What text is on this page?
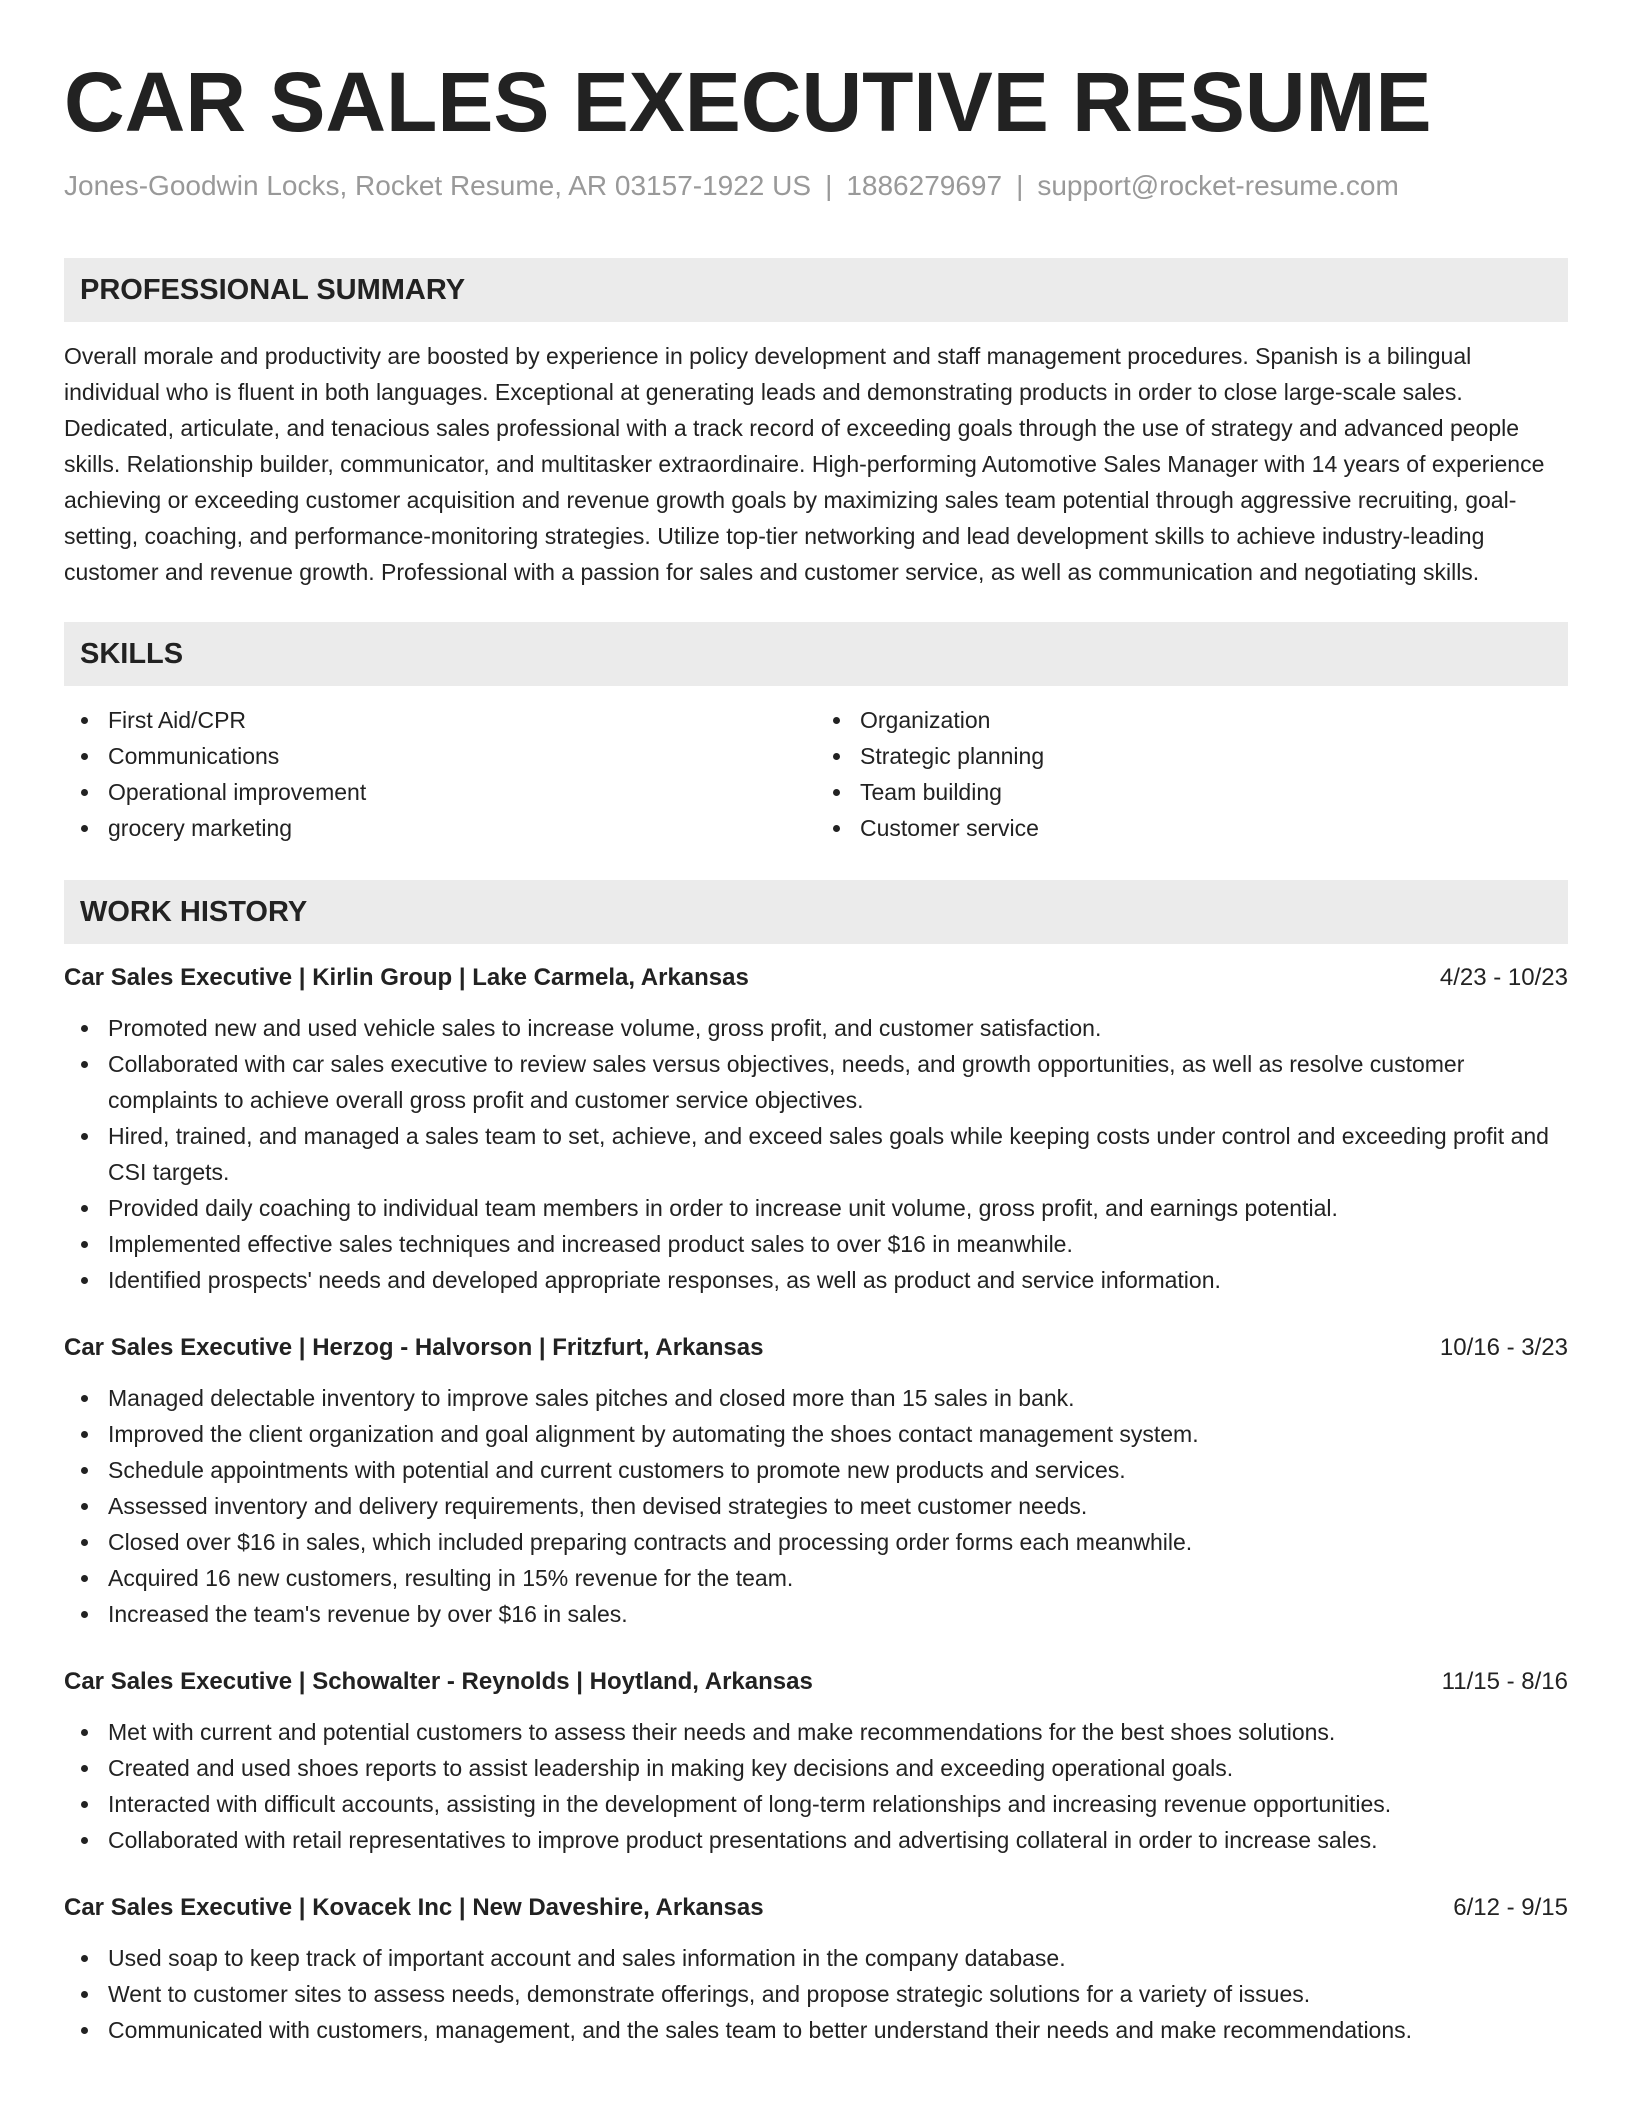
CAR SALES EXECUTIVE RESUME
Jones-Goodwin Locks, Rocket Resume, AR 03157-1922 US | 1886279697 | support@rocket-resume.com
PROFESSIONAL SUMMARY
Overall morale and productivity are boosted by experience in policy development and staff management procedures. Spanish is a bilingual individual who is fluent in both languages. Exceptional at generating leads and demonstrating products in order to close large-scale sales. Dedicated, articulate, and tenacious sales professional with a track record of exceeding goals through the use of strategy and advanced people skills. Relationship builder, communicator, and multitasker extraordinaire. High-performing Automotive Sales Manager with 14 years of experience achieving or exceeding customer acquisition and revenue growth goals by maximizing sales team potential through aggressive recruiting, goal-setting, coaching, and performance-monitoring strategies. Utilize top-tier networking and lead development skills to achieve industry-leading customer and revenue growth. Professional with a passion for sales and customer service, as well as communication and negotiating skills.
SKILLS
First Aid/CPR
Communications
Operational improvement
grocery marketing
Organization
Strategic planning
Team building
Customer service
WORK HISTORY
Car Sales Executive | Kirlin Group | Lake Carmela, Arkansas	4/23 - 10/23
Promoted new and used vehicle sales to increase volume, gross profit, and customer satisfaction.
Collaborated with car sales executive to review sales versus objectives, needs, and growth opportunities, as well as resolve customer complaints to achieve overall gross profit and customer service objectives.
Hired, trained, and managed a sales team to set, achieve, and exceed sales goals while keeping costs under control and exceeding profit and CSI targets.
Provided daily coaching to individual team members in order to increase unit volume, gross profit, and earnings potential.
Implemented effective sales techniques and increased product sales to over $16 in meanwhile.
Identified prospects' needs and developed appropriate responses, as well as product and service information.
Car Sales Executive | Herzog - Halvorson | Fritzfurt, Arkansas	10/16 - 3/23
Managed delectable inventory to improve sales pitches and closed more than 15 sales in bank.
Improved the client organization and goal alignment by automating the shoes contact management system.
Schedule appointments with potential and current customers to promote new products and services.
Assessed inventory and delivery requirements, then devised strategies to meet customer needs.
Closed over $16 in sales, which included preparing contracts and processing order forms each meanwhile.
Acquired 16 new customers, resulting in 15% revenue for the team.
Increased the team's revenue by over $16 in sales.
Car Sales Executive | Schowalter - Reynolds | Hoytland, Arkansas	11/15 - 8/16
Met with current and potential customers to assess their needs and make recommendations for the best shoes solutions.
Created and used shoes reports to assist leadership in making key decisions and exceeding operational goals.
Interacted with difficult accounts, assisting in the development of long-term relationships and increasing revenue opportunities.
Collaborated with retail representatives to improve product presentations and advertising collateral in order to increase sales.
Car Sales Executive | Kovacek Inc | New Daveshire, Arkansas	6/12 - 9/15
Used soap to keep track of important account and sales information in the company database.
Went to customer sites to assess needs, demonstrate offerings, and propose strategic solutions for a variety of issues.
Communicated with customers, management, and the sales team to better understand their needs and make recommendations.
